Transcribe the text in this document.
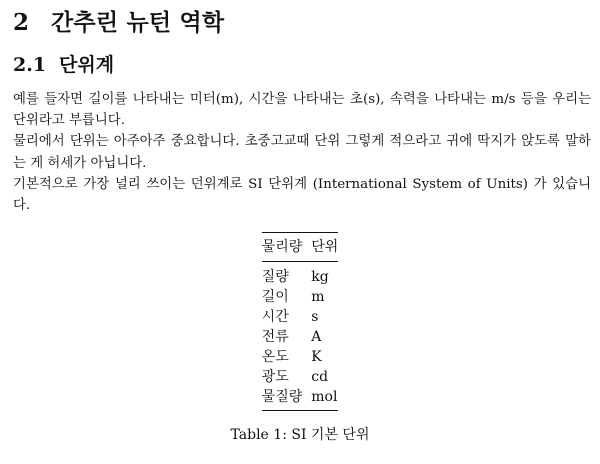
2 간추린 뉴턴 역학
2.1 단위계

예를 들자면 길이를 나타내는 미터(m), 시간을 나타내는 초(s), 속력을 나타내는 m/s 등을 우리는 단위라고 부릅니다.

물리에서 단위는 아주아주 중요합니다. 초중고교때 단위 그렇게 적으라고 귀에 딱지가 앉도록 말하는 게 허세가 아닙니다.

기본적으로 가장 널리 쓰이는 던위계로 SI 단위계 (International System of Units) 가 있습니다.

물리량	단위
질량	kg
길이	m
시간	s
전류	A
온도	K
광도	cd
물질량	mol
Table 1: SI 기본 단위
